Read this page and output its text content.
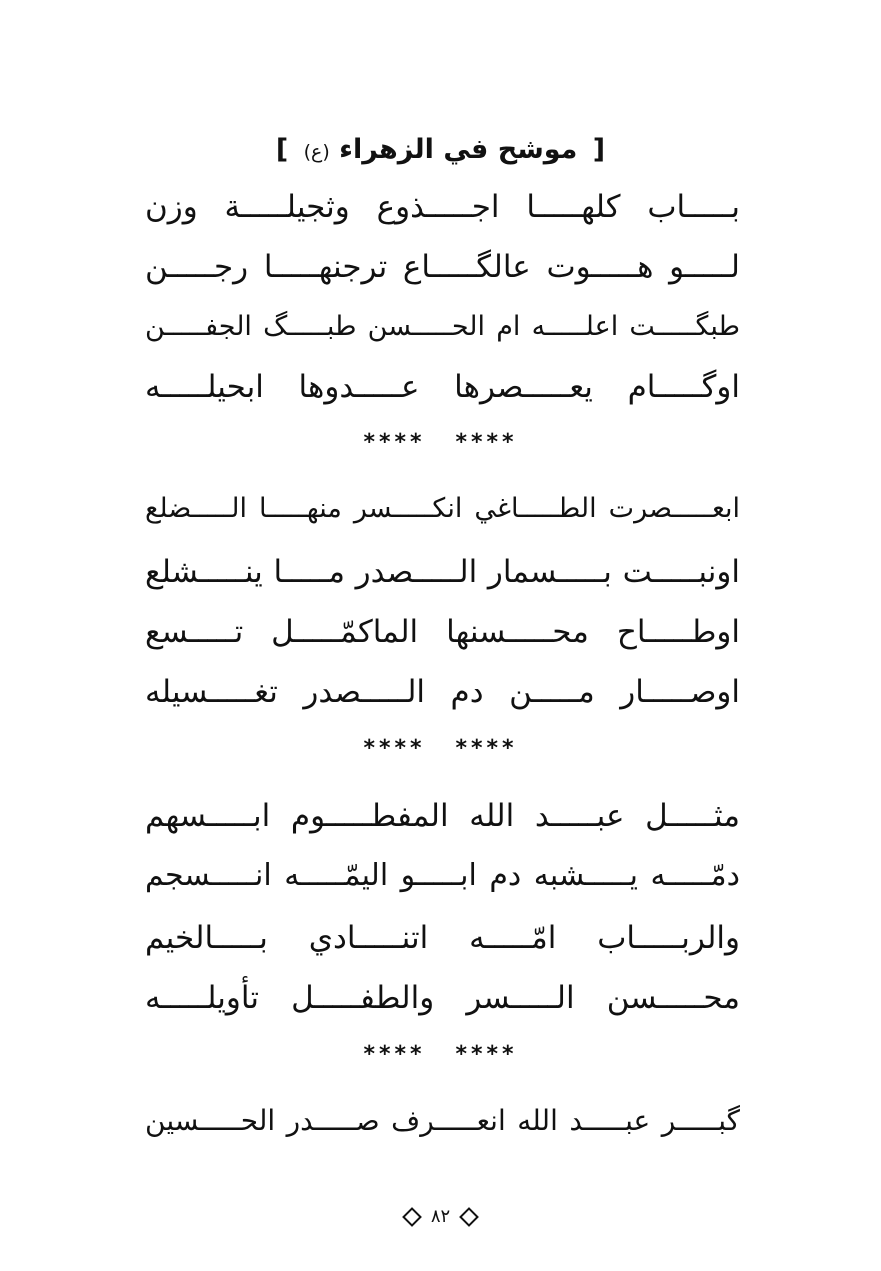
[ موشح في الزهراء (ع) ]
بـــــاب كلهـــــا اجـــــذوع وثجيلـــــة وزن
لـــــو هـــــوت عالگـــــاع ترجنهـــــا رجـــــن
طبگـــــت اعلـــــه ام الحـــــسن طبـــــگ الجفـــــن
اوگـــــام يعـــــصرها عـــــدوها ابحيلـــــه
**** ****
ابعـــــصرت الطـــــاغي انكـــــسر منهـــــا الـــــضلع
اونبـــــت بـــــسمار الـــــصدر مـــــا ينـــــشلع
اوطـــــاح محـــــسنها الماكمّـــــل تـــــسع
اوصـــــار مـــــن دم الـــــصدر تغـــــسيله
**** ****
مثـــــل عبـــــد الله المفطـــــوم ابـــــسهم
دمّـــــه يـــــشبه دم ابـــــو اليمّـــــه انـــــسجم
والربـــــاب امّـــــه اتنـــــادي بـــــالخيم
محـــــسن الـــــسر والطفـــــل تأويلـــــه
**** ****
گبـــــر عبـــــد الله انعـــــرف صـــــدر الحـــــسين
٨٢
